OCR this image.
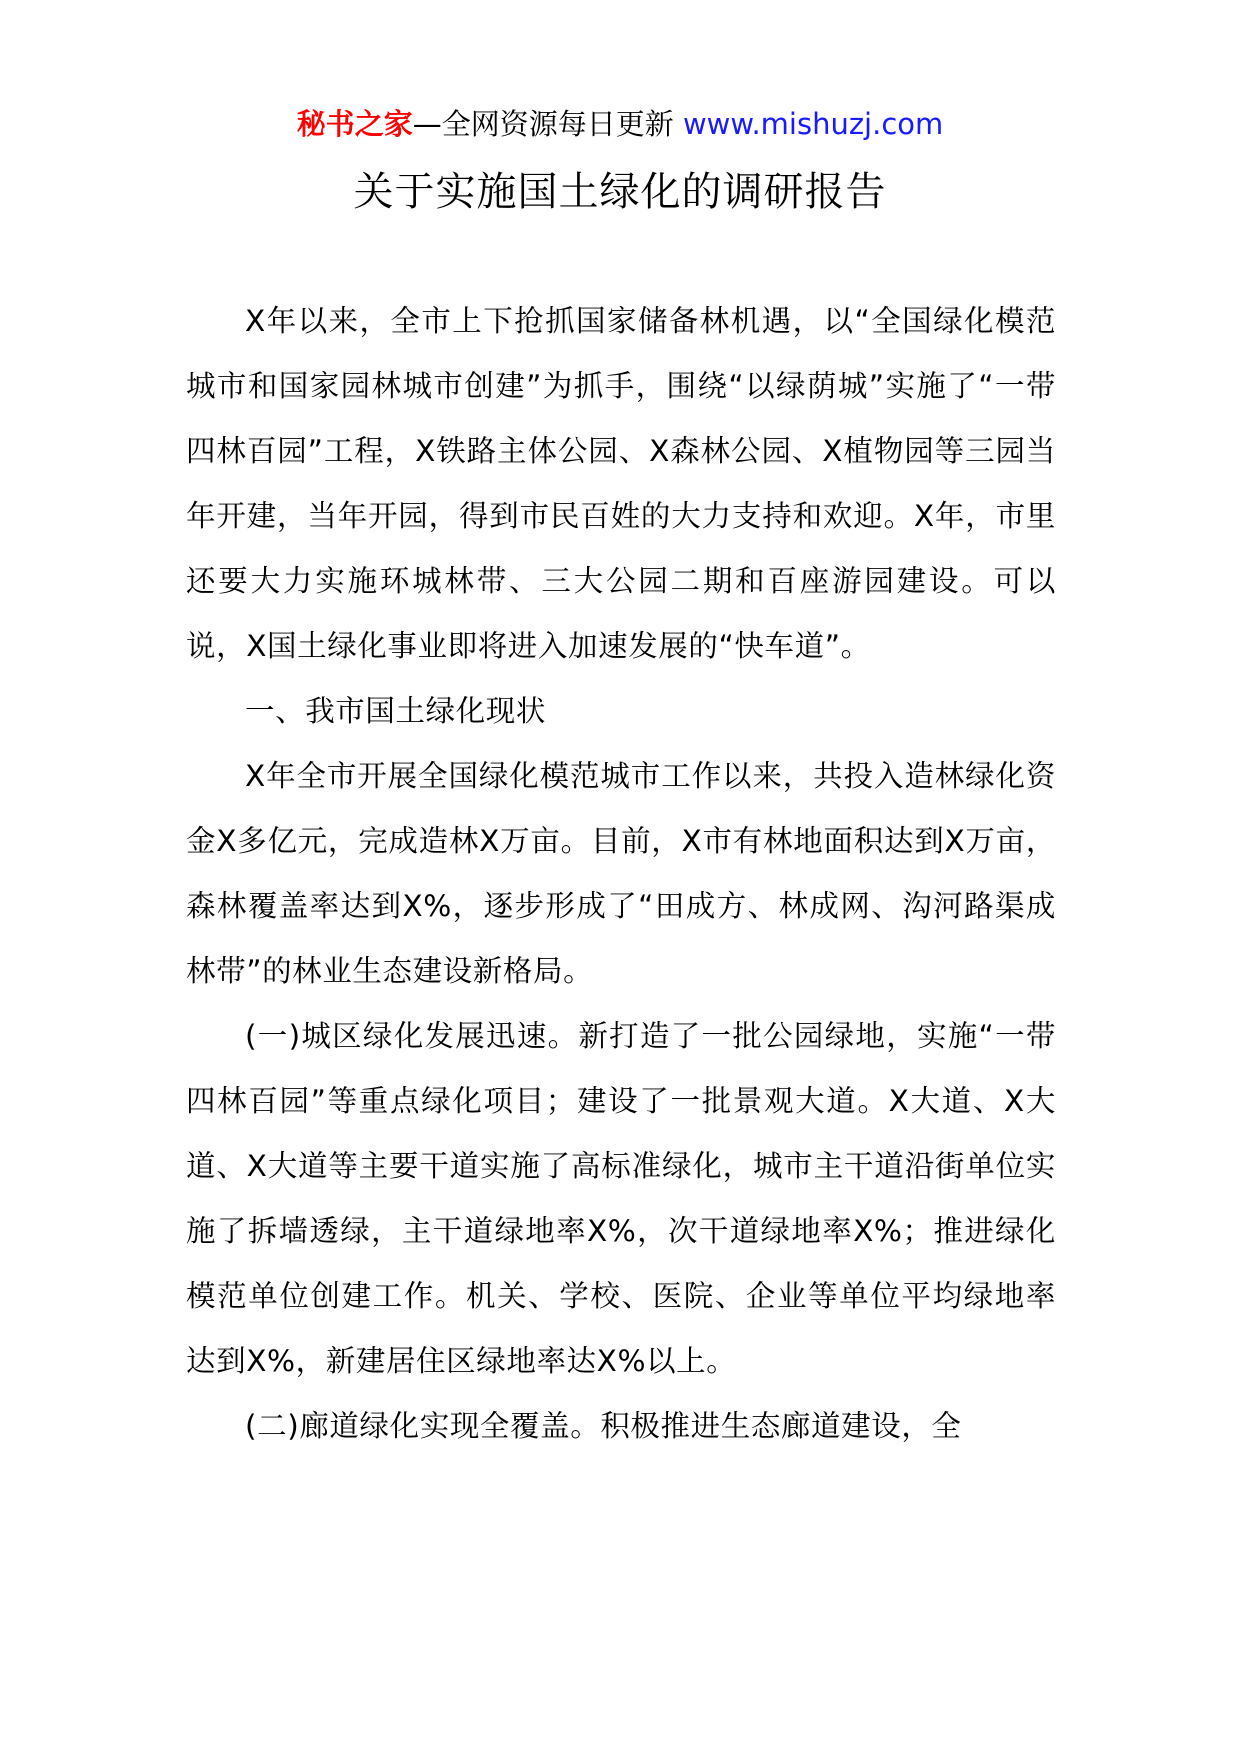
秘书之家—全网资源每日更新 www.mishuzj.com
关于实施国土绿化的调研报告

X年以来，全市上下抢抓国家储备林机遇，以“全国绿化模范城市和国家园林城市创建”为抓手，围绕“以绿荫城”实施了“一带四林百园”工程，X铁路主体公园、X森林公园、X植物园等三园当年开建，当年开园，得到市民百姓的大力支持和欢迎。X年，市里还要大力实施环城林带、三大公园二期和百座游园建设。可以说，X国土绿化事业即将进入加速发展的“快车道”。

一、我市国土绿化现状

X年全市开展全国绿化模范城市工作以来，共投入造林绿化资金X多亿元，完成造林X万亩。目前，X市有林地面积达到X万亩，森林覆盖率达到X%，逐步形成了“田成方、林成网、沟河路渠成林带”的林业生态建设新格局。

(一)城区绿化发展迅速。新打造了一批公园绿地，实施“一带四林百园”等重点绿化项目；建设了一批景观大道。X大道、X大道、X大道等主要干道实施了高标准绿化，城市主干道沿街单位实施了拆墙透绿，主干道绿地率X%，次干道绿地率X%；推进绿化模范单位创建工作。机关、学校、医院、企业等单位平均绿地率达到X%，新建居住区绿地率达X%以上。

(二)廊道绿化实现全覆盖。积极推进生态廊道建设，全
